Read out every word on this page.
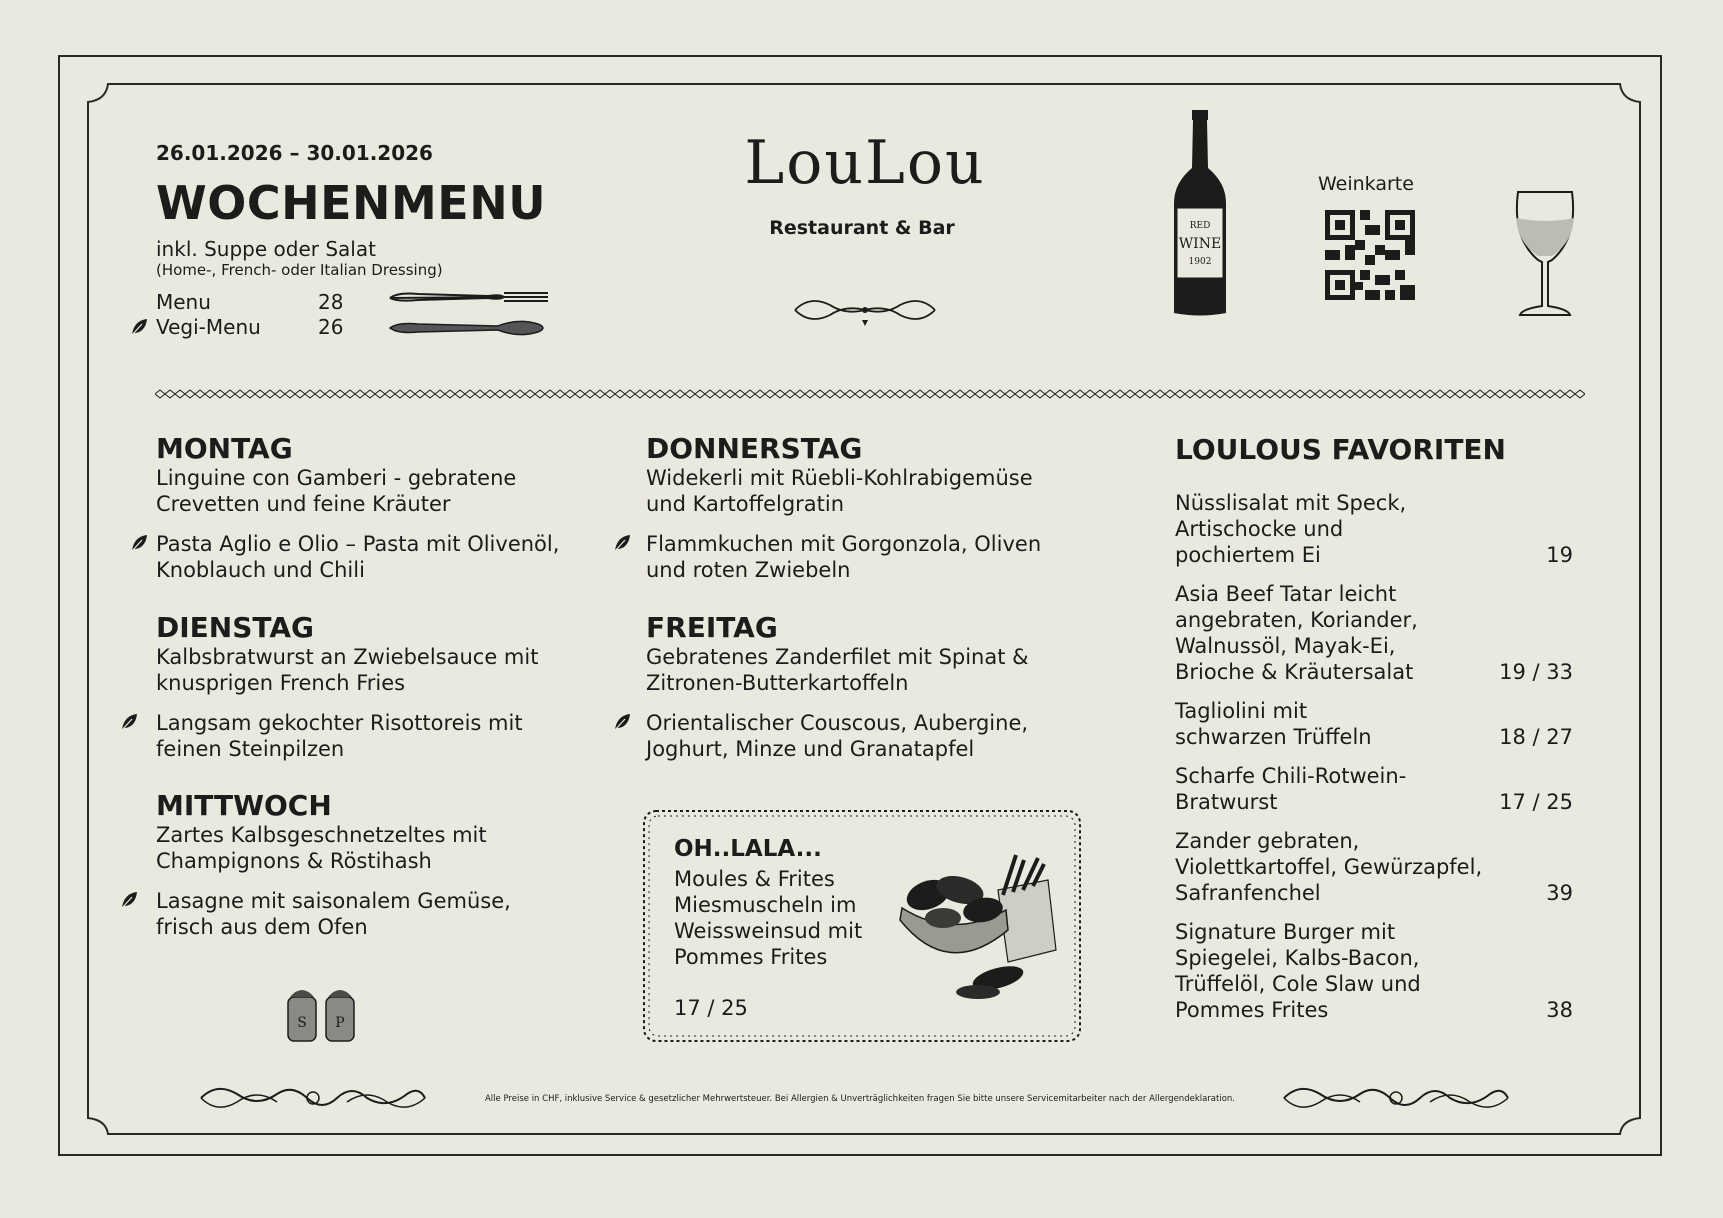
26.01.2026 – 30.01.2026
WOCHENMENU
inkl. Suppe oder Salat
(Home-, French- oder Italian Dressing)
Menu	28
Vegi-Menu	26
LouLou
Restaurant & Bar	RED
WINE
1902
Weinkarte
MONTAG
Linguine con Gamberi - gebratene
Crevetten und feine Kräuter
Pasta Aglio e Olio – Pasta mit Olivenöl,
Knoblauch und Chili
DIENSTAG
Kalbsbratwurst an Zwiebelsauce mit
knusprigen French Fries
Langsam gekochter Risottoreis mit
feinen Steinpilzen
MITTWOCH
Zartes Kalbsgeschnetzeltes mit
Champignons & Röstihash
Lasagne mit saisonalem Gemüse,
frisch aus dem Ofen
S P
DONNERSTAG
Widekerli mit Rüebli-Kohlrabigemüse
und Kartoffelgratin
Flammkuchen mit Gorgonzola, Oliven
und roten Zwiebeln
FREITAG
Gebratenes Zanderfilet mit Spinat &
Zitronen-Butterkartoffeln
Orientalischer Couscous, Aubergine,
Joghurt, Minze und Granatapfel
OH..LALA...
Moules & Frites
Miesmuscheln im
Weissweinsud mit
Pommes Frites
17 / 25
LOULOUS FAVORITEN
Nüsslisalat mit Speck,
Artischocke und
pochiertem Ei	19
Asia Beef Tatar leicht
angebraten, Koriander,
Walnussöl, Mayak-Ei,
Brioche & Kräutersalat	19 / 33
Tagliolini mit
schwarzen Trüffeln	18 / 27
Scharfe Chili-Rotwein-
Bratwurst	17 / 25
Zander gebraten,
Violettkartoffel, Gewürzapfel,
Safranfenchel	39
Signature Burger mit
Spiegelei, Kalbs-Bacon,
Trüffelöl, Cole Slaw und
Pommes Frites	38
Alle Preise in CHF, inklusive Service & gesetzlicher Mehrwertsteuer. Bei Allergien & Unverträglichkeiten fragen Sie bitte unsere Servicemitarbeiter nach der Allergendeklaration.
